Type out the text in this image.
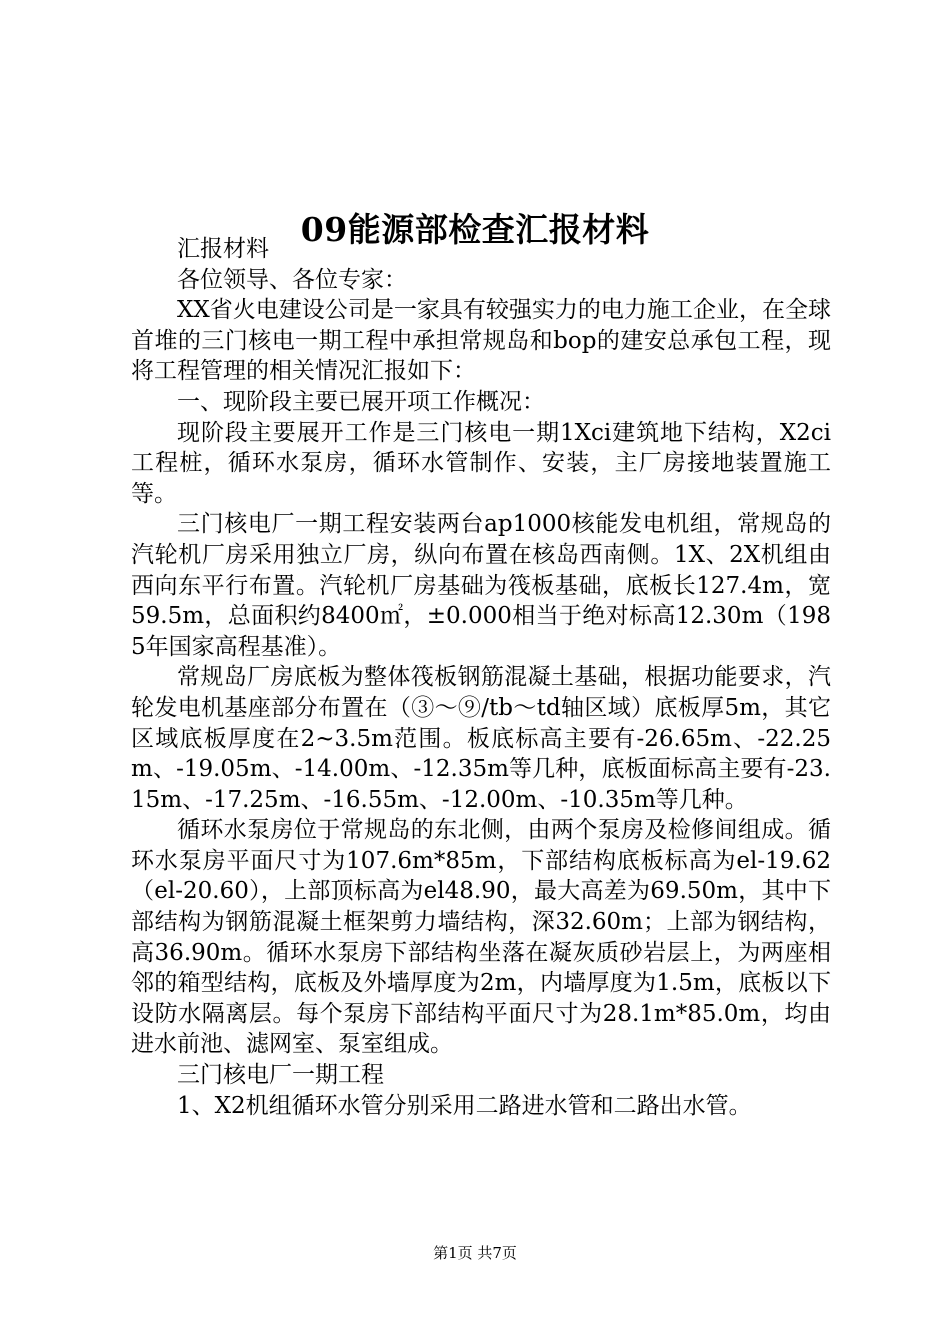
09能源部检查汇报材料

汇报材料

各位领导、各位专家：

XX省火电建设公司是一家具有较强实力的电力施工企业，在全球首堆的三门核电一期工程中承担常规岛和bop的建安总承包工程，现将工程管理的相关情况汇报如下：

一、现阶段主要已展开项工作概况：

现阶段主要展开工作是三门核电一期1Xci建筑地下结构，X2ci工程桩，循环水泵房，循环水管制作、安装，主厂房接地装置施工等。

三门核电厂一期工程安装两台ap1000核能发电机组，常规岛的汽轮机厂房采用独立厂房，纵向布置在核岛西南侧。1X、2X机组由西向东平行布置。汽轮机厂房基础为筏板基础，底板长127.4m，宽59.5m，总面积约8400㎡，±0.000相当于绝对标高12.30m（1985年国家高程基准）。

常规岛厂房底板为整体筏板钢筋混凝土基础，根据功能要求，汽轮发电机基座部分布置在（③～⑨/tb～td轴区域）底板厚5m，其它区域底板厚度在2~3.5m范围。板底标高主要有-26.65m、-22.25m、-19.05m、-14.00m、-12.35m等几种，底板面标高主要有-23.15m、-17.25m、-16.55m、-12.00m、-10.35m等几种。

循环水泵房位于常规岛的东北侧，由两个泵房及检修间组成。循环水泵房平面尺寸为107.6m*85m，下部结构底板标高为el-19.62（el-20.60），上部顶标高为el48.90，最大高差为69.50m，其中下部结构为钢筋混凝土框架剪力墙结构，深32.60m；上部为钢结构，高36.90m。循环水泵房下部结构坐落在凝灰质砂岩层上，为两座相邻的箱型结构，底板及外墙厚度为2m，内墙厚度为1.5m，底板以下设防水隔离层。每个泵房下部结构平面尺寸为28.1m*85.0m，均由进水前池、滤网室、泵室组成。

三门核电厂一期工程

1、X2机组循环水管分别采用二路进水管和二路出水管。

第1页 共7页
